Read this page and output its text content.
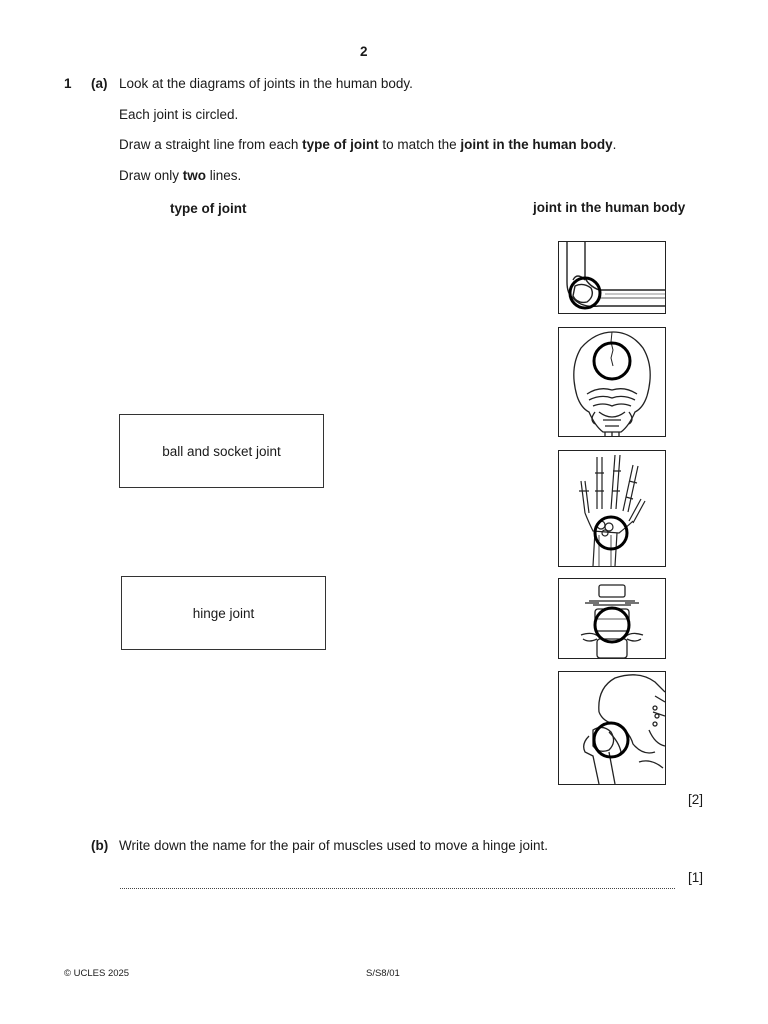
2
1 (a) Look at the diagrams of joints in the human body.
Each joint is circled.
Draw a straight line from each type of joint to match the joint in the human body.
Draw only two lines.
type of joint	joint in the human body
ball and socket joint
hinge joint
[2]
(b) Write down the name for the pair of muscles used to move a hinge joint.
[1]
© UCLES 2025	S/S8/01
